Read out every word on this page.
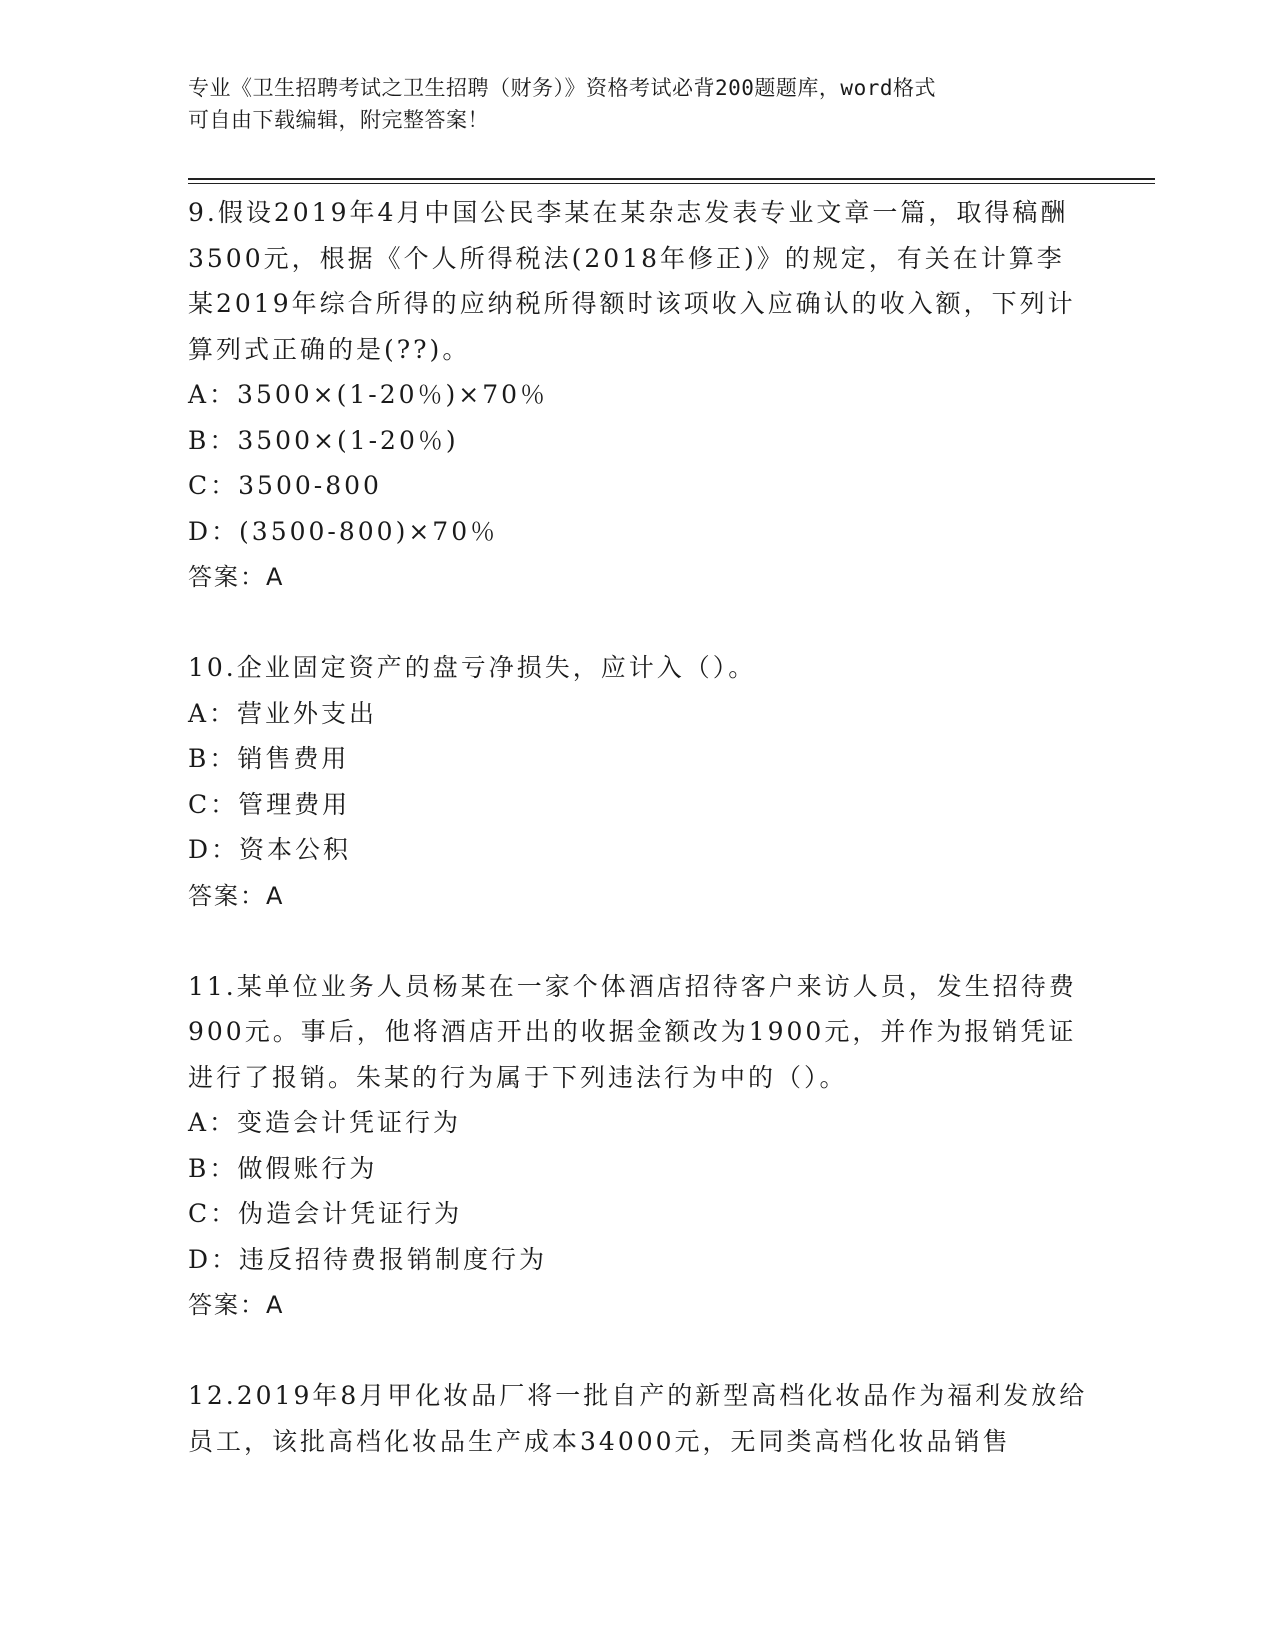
专业《卫生招聘考试之卫生招聘（财务）》资格考试必背200题题库，word格式
可自由下载编辑，附完整答案！

9.假设2019年4月中国公民李某在某杂志发表专业文章一篇，取得稿酬3500元，根据《个人所得税法(2018年修正)》的规定，有关在计算李某2019年综合所得的应纳税所得额时该项收入应确认的收入额，下列计算列式正确的是(??)。

A：3500×(1-20％)×70％

B：3500×(1-20％)

C：3500-800

D：(3500-800)×70％

答案：A

10.企业固定资产的盘亏净损失，应计入（）。

A：营业外支出

B：销售费用

C：管理费用

D：资本公积

答案：A

11.某单位业务人员杨某在一家个体酒店招待客户来访人员，发生招待费900元。事后，他将酒店开出的收据金额改为1900元，并作为报销凭证进行了报销。朱某的行为属于下列违法行为中的（）。

A：变造会计凭证行为

B：做假账行为

C：伪造会计凭证行为

D：违反招待费报销制度行为

答案：A

12.2019年8月甲化妆品厂将一批自产的新型高档化妆品作为福利发放给员工，该批高档化妆品生产成本34000元，无同类高档化妆品销售
